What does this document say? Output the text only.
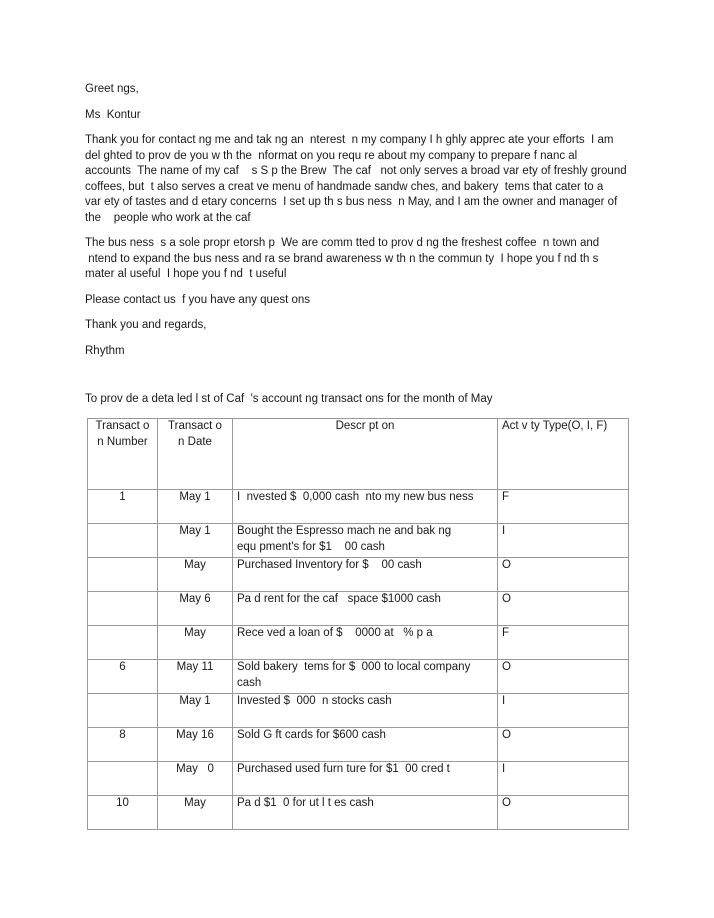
Greet ngs,

Ms  Kontur

Thank you for contact ng me and tak ng an  nterest  n my company I h ghly apprec ate your efforts  I am
del ghted to prov de you w th the  nformat on you requ re about my company to prepare f nanc al
accounts  The name of my caf    s S p the Brew  The caf   not only serves a broad var ety of freshly ground
coffees, but  t also serves a creat ve menu of handmade sandw ches, and bakery  tems that cater to a
var ety of tastes and d etary concerns  I set up th s bus ness  n May, and I am the owner and manager of
the    people who work at the caf

The bus ness  s a sole propr etorsh p  We are comm tted to prov d ng the freshest coffee  n town and
ntend to expand the bus ness and ra se brand awareness w th n the commun ty  I hope you f nd th s
mater al useful  I hope you f nd  t useful

Please contact us  f you have any quest ons

Thank you and regards,

Rhythm

To prov de a deta led l st of Caf  's account ng transact ons for the month of May

Transact o
n Number	Transact o
n Date	Descr pt on	Act v ty Type(O, I, F)
1	May 1	I  nvested $  0,000 cash  nto my new bus ness	F
	May 1	Bought the Espresso mach ne and bak ng
equ pment's for $1    00 cash	I
	May	Purchased Inventory for $    00 cash	O
	May 6	Pa d rent for the caf   space $1000 cash	O
	May	Rece ved a loan of $    0000 at   % p a	F
6	May 11	Sold bakery  tems for $  000 to local company
cash	O
	May 1	Invested $  000  n stocks cash	I
8	May 16	Sold G ft cards for $600 cash	O
	May   0	Purchased used furn ture for $1  00 cred t	I
10	May	Pa d $1  0 for ut l t es cash	O
